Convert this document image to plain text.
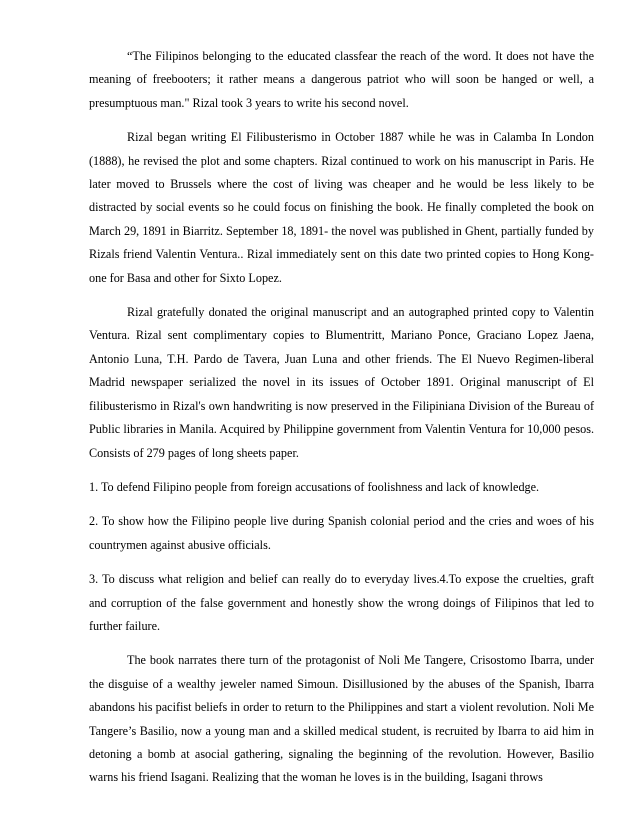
“The Filipinos belonging to the educated classfear the reach of the word. It does not have the meaning of freebooters; it rather means a dangerous patriot who will soon be hanged or well, a presumptuous man." Rizal took 3 years to write his second novel.

Rizal began writing El Filibusterismo in October 1887 while he was in Calamba In London (1888), he revised the plot and some chapters. Rizal continued to work on his manuscript in Paris. He later moved to Brussels where the cost of living was cheaper and he would be less likely to be distracted by social events so he could focus on finishing the book. He finally completed the book on March 29, 1891 in Biarritz. September 18, 1891- the novel was published in Ghent, partially funded by Rizals friend Valentin Ventura.. Rizal immediately sent on this date two printed copies to Hong Kong- one for Basa and other for Sixto Lopez.

Rizal gratefully donated the original manuscript and an autographed printed copy to Valentin Ventura. Rizal sent complimentary copies to Blumentritt, Mariano Ponce, Graciano Lopez Jaena, Antonio Luna, T.H. Pardo de Tavera, Juan Luna and other friends. The El Nuevo Regimen-liberal Madrid newspaper serialized the novel in its issues of October 1891. Original manuscript of El filibusterismo in Rizal's own handwriting is now preserved in the Filipiniana Division of the Bureau of Public libraries in Manila. Acquired by Philippine government from Valentin Ventura for 10,000 pesos. Consists of 279 pages of long sheets paper.

1. To defend Filipino people from foreign accusations of foolishness and lack of knowledge.

2. To show how the Filipino people live during Spanish colonial period and the cries and woes of his countrymen against abusive officials.

3. To discuss what religion and belief can really do to everyday lives.4.To expose the cruelties, graft and corruption of the false government and honestly show the wrong doings of Filipinos that led to further failure.

The book narrates there turn of the protagonist of Noli Me Tangere, Crisostomo Ibarra, under the disguise of a wealthy jeweler named Simoun. Disillusioned by the abuses of the Spanish, Ibarra abandons his pacifist beliefs in order to return to the Philippines and start a violent revolution. Noli Me Tangere’s Basilio, now a young man and a skilled medical student, is recruited by Ibarra to aid him in detoning a bomb at asocial gathering, signaling the beginning of the revolution. However, Basilio warns his friend Isagani. Realizing that the woman he loves is in the building, Isagani throws
